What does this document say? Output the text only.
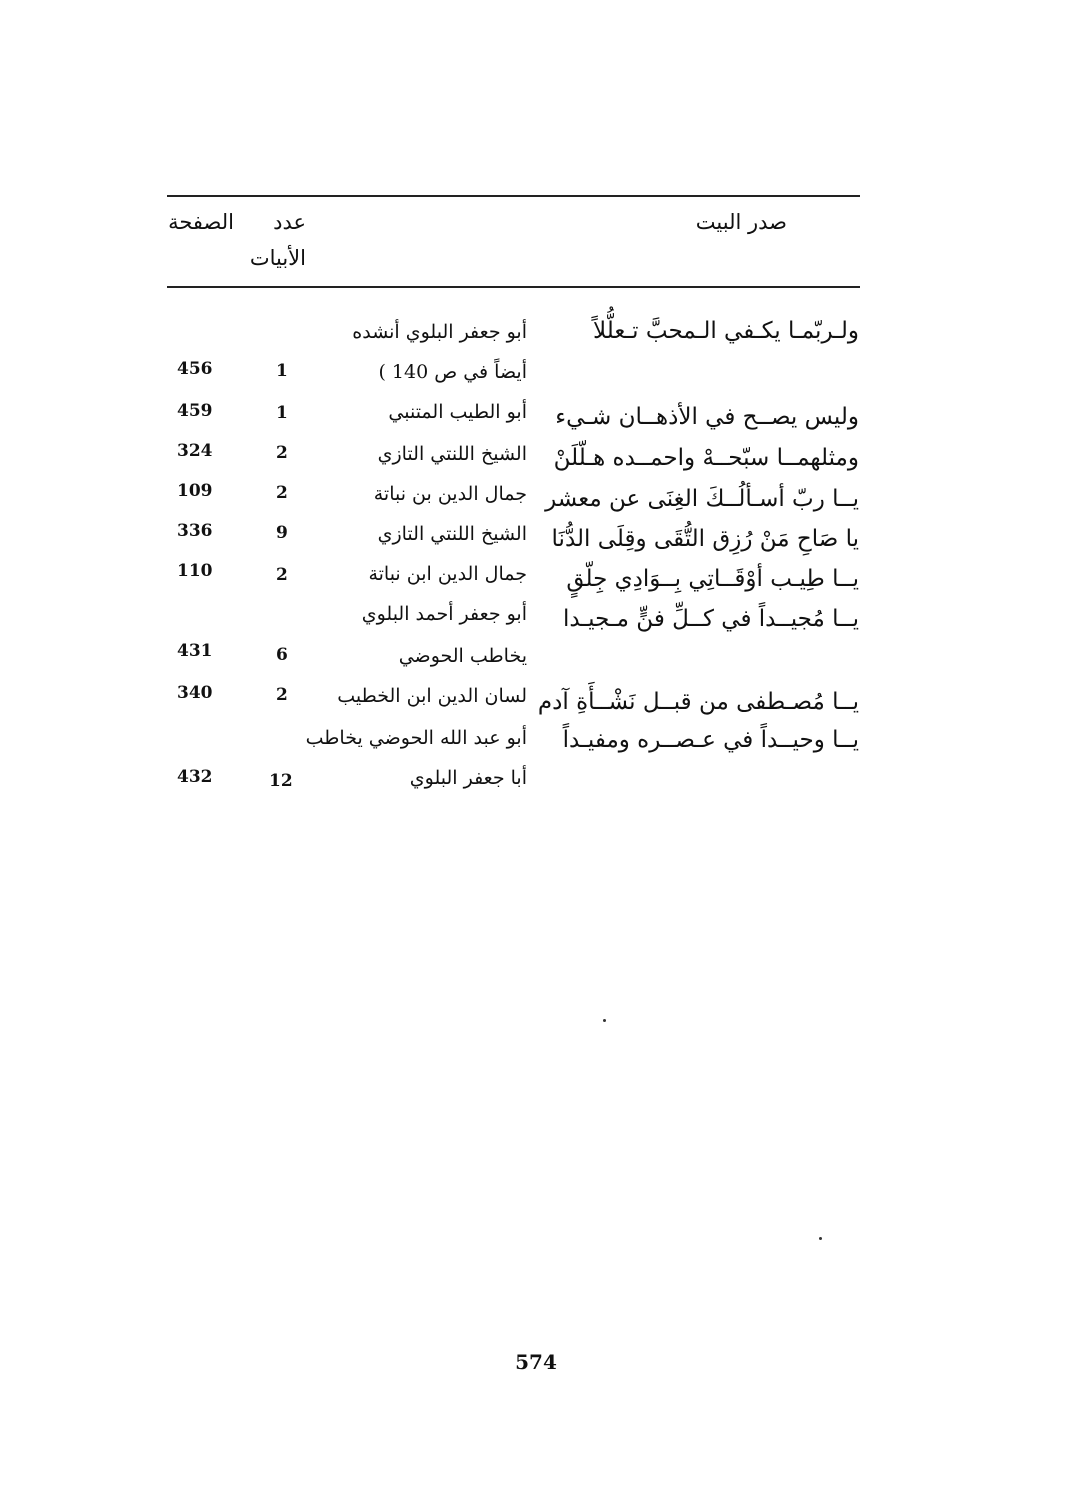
صدر البيت
عدد
الأبيات
الصفحة
ولـربّمـا يكـفي الـمحبَّ تـعلُّلاً
أبو جعفر البلوي أنشده
أيضاً في ص 140 )
1
456
وليس يصــح في الأذهــان شـيء
أبو الطيب المتنبي
1
459
ومثلهمــا سبّحــهْ واحمــده هـلّلَنْ
الشيخ اللنتي التازي
2
324
يــا ربّ أسـألُــكَ الغِنَى عن معشر
جمال الدين بن نباتة
2
109
يا صَاحِ مَنْ رُزِق التُّقَى وقِلَى الدُّنَا
الشيخ اللنتي التازي
9
336
يــا طِيـب أوْقَــاتِي بِــوَادِي جِلّقٍ
جمال الدين ابن نباتة
2
110
يــا مُجيــداً في كــلِّ فنٍّ مـجيـدا
أبو جعفر أحمد البلوي
يخاطب الحوضي
6
431
يــا مُصـطفى من قبــل نَشْــأَةِ آدم
لسان الدين ابن الخطيب
2
340
يــا وحيــداً في عـصــره ومفيـداً
أبو عبد الله الحوضي يخاطب
أبا جعفر البلوي
12
432
574
